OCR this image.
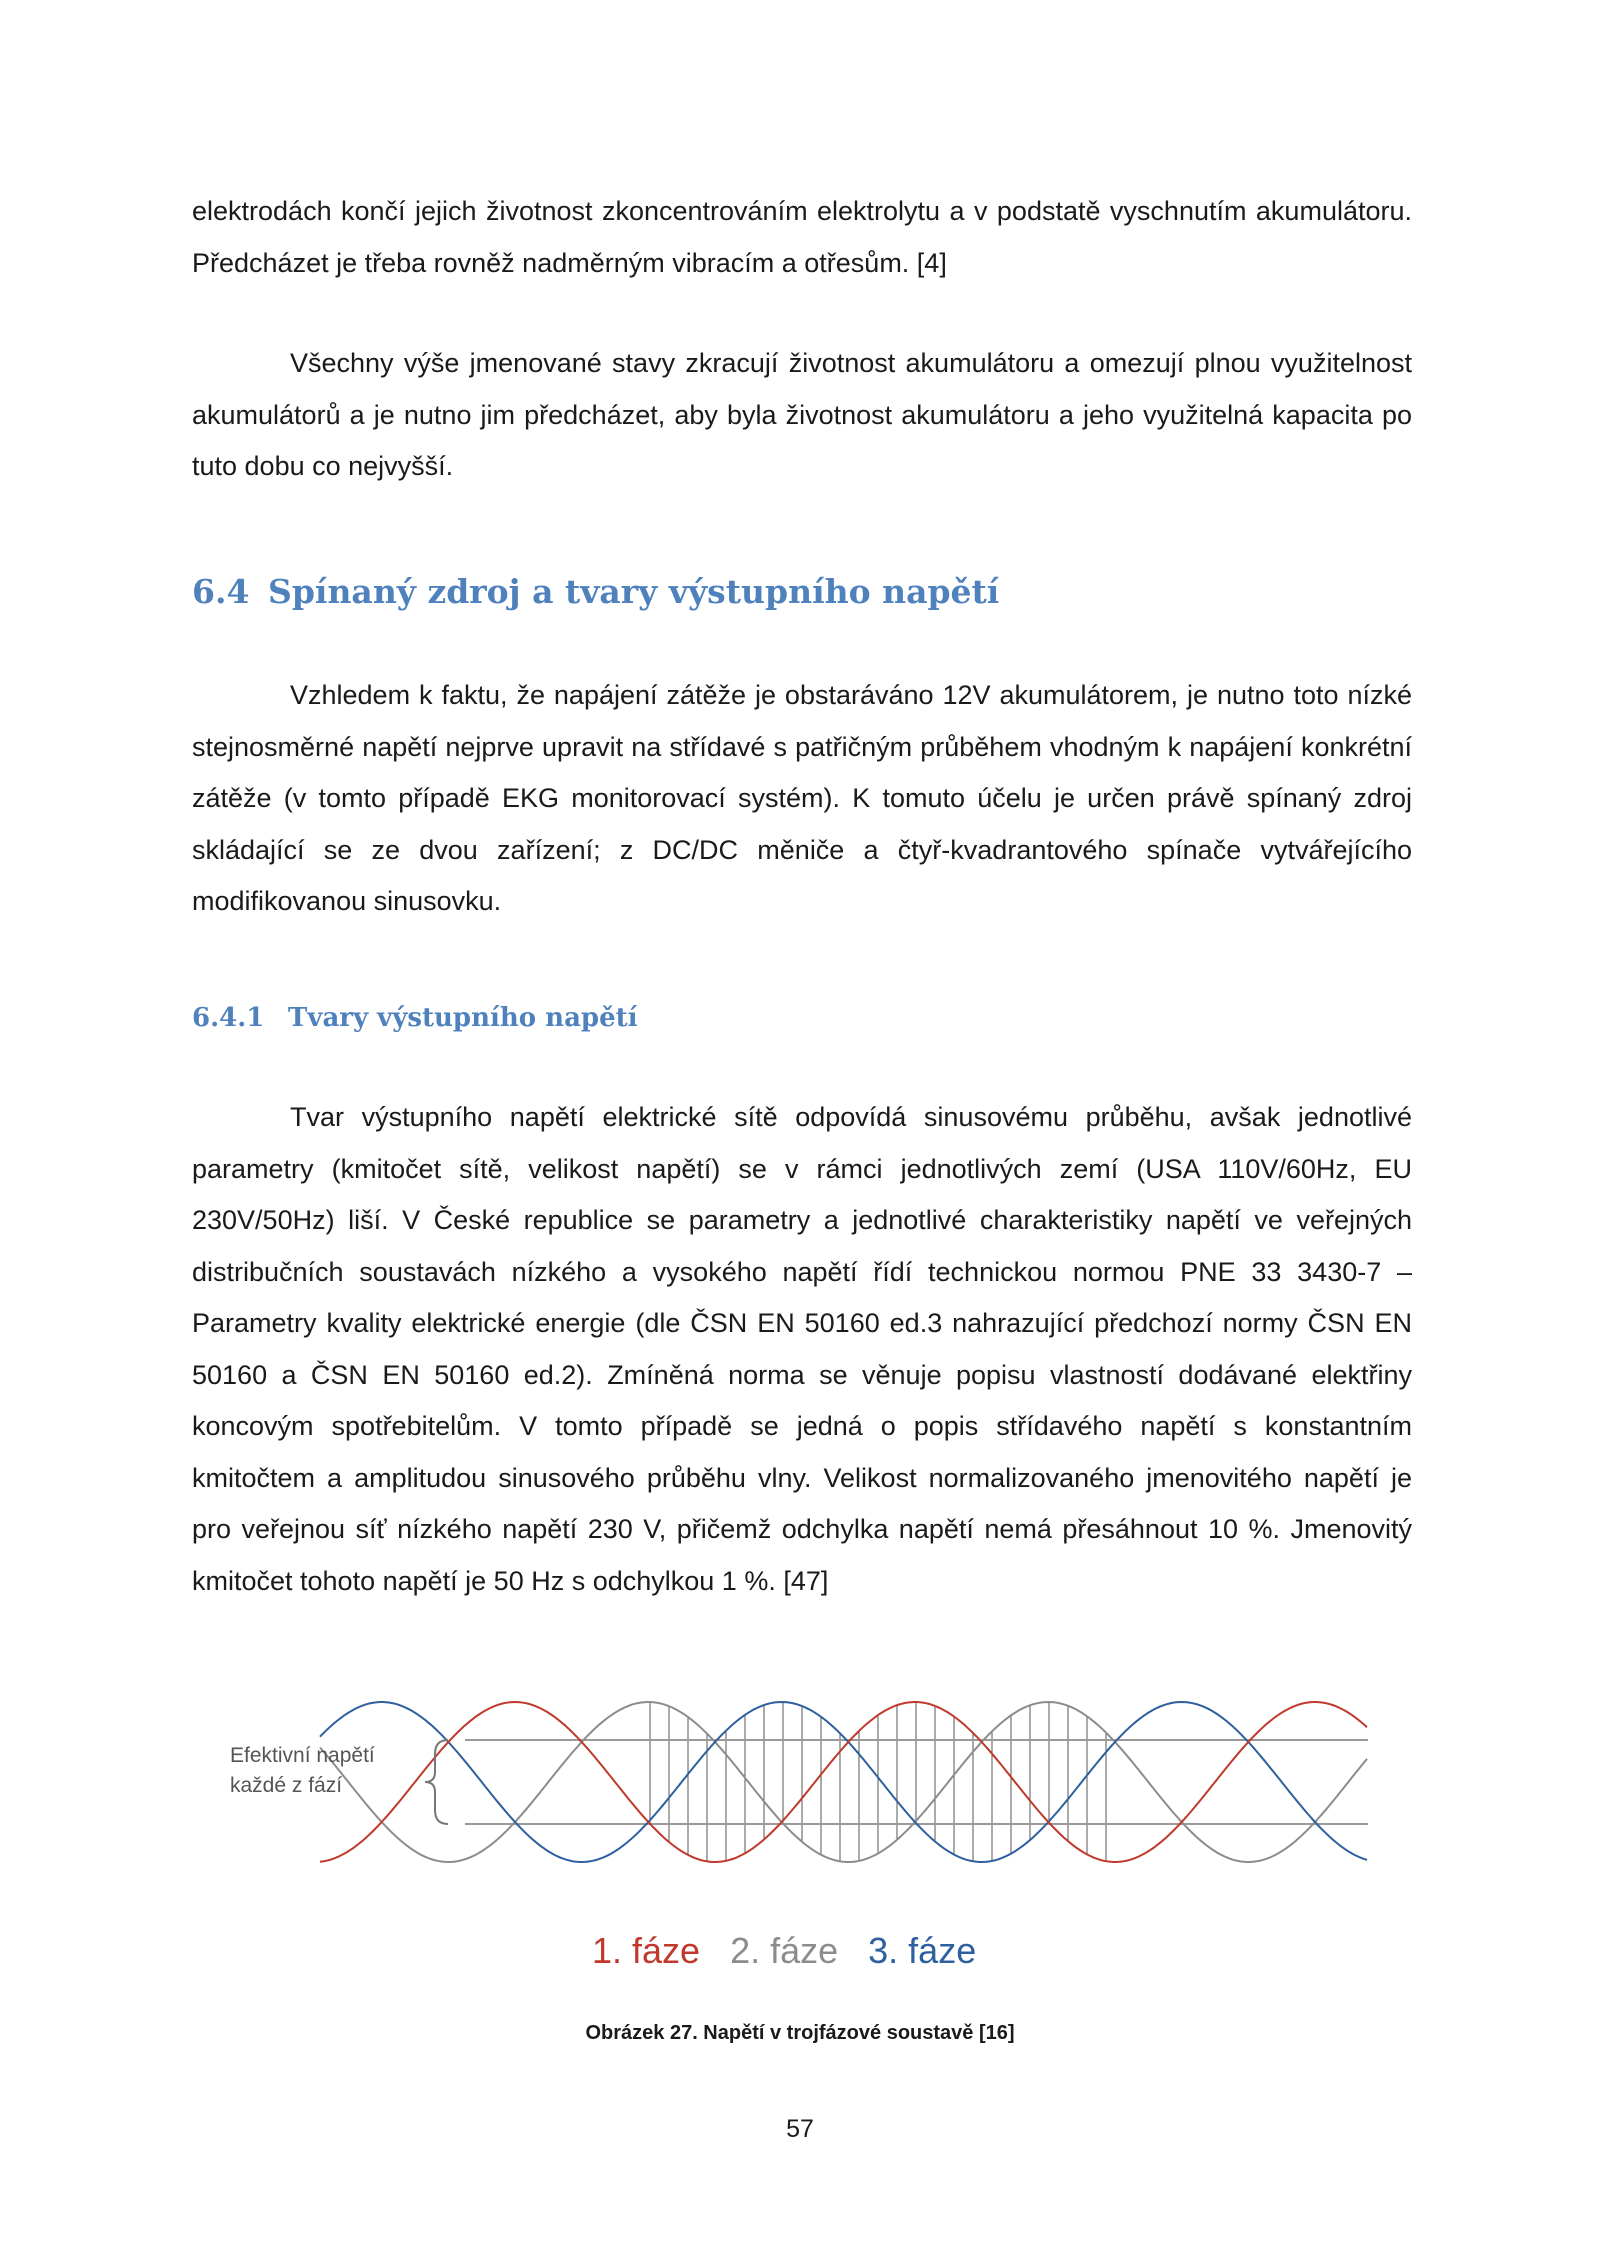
elektrodách končí jejich životnost zkoncentrováním elektrolytu a v podstatě vyschnutím akumulátoru. Předcházet je třeba rovněž nadměrným vibracím a otřesům. [4]

Všechny výše jmenované stavy zkracují životnost akumulátoru a omezují plnou využitelnost akumulátorů a je nutno jim předcházet, aby byla životnost akumulátoru a jeho využitelná kapacita po tuto dobu co nejvyšší.

6.4 Spínaný zdroj a tvary výstupního napětí

Vzhledem k faktu, že napájení zátěže je obstaráváno 12V akumulátorem, je nutno toto nízké stejnosměrné napětí nejprve upravit na střídavé s patřičným průběhem vhodným k napájení konkrétní zátěže (v tomto případě EKG monitorovací systém). K tomuto účelu je určen právě spínaný zdroj skládající se ze dvou zařízení; z DC/DC měniče a čtyř-kvadrantového spínače vytvářejícího modifikovanou sinusovku.

6.4.1 Tvary výstupního napětí

Tvar výstupního napětí elektrické sítě odpovídá sinusovému průběhu, avšak jednotlivé parametry (kmitočet sítě, velikost napětí) se v rámci jednotlivých zemí (USA 110V/60Hz, EU 230V/50Hz) liší. V České republice se parametry a jednotlivé charakteristiky napětí ve veřejných distribučních soustavách nízkého a vysokého napětí řídí technickou normou PNE 33 3430-7 – Parametry kvality elektrické energie (dle ČSN EN 50160 ed.3 nahrazující předchozí normy ČSN EN 50160 a ČSN EN 50160 ed.2). Zmíněná norma se věnuje popisu vlastností dodávané elektřiny koncovým spotřebitelům. V tomto případě se jedná o popis střídavého napětí s konstantním kmitočtem a amplitudou sinusového průběhu vlny. Velikost normalizovaného jmenovitého napětí je pro veřejnou síť nízkého napětí 230 V, přičemž odchylka napětí nemá přesáhnout 10 %. Jmenovitý kmitočet tohoto napětí je 50 Hz s odchylkou 1 %. [47]

Efektivní napětí
každé z fází
1. fáze 2. fáze 3. fáze
Obrázek 27. Napětí v trojfázové soustavě [16]
57
